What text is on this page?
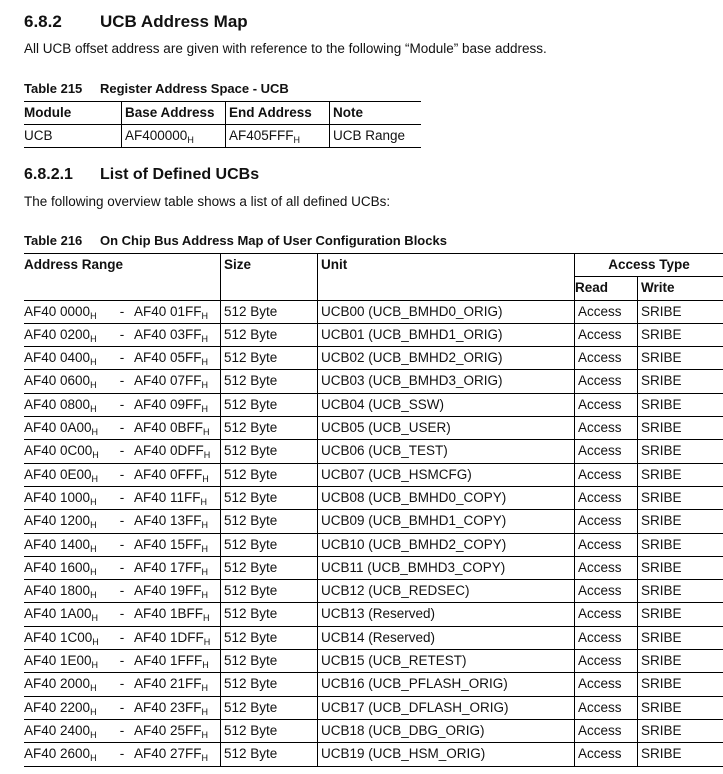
6.8.2 UCB Address Map
All UCB offset address are given with reference to the following “Module” base address.
Table 215 Register Address Space - UCB
Module	Base Address	End Address	Note
UCB	$AF400000_H$	$AF405FFF_H$	UCB Range
6.8.2.1 List of Defined UCBs
The following overview table shows a list of all defined UCBs:
Table 216 On Chip Bus Address Map of User Configuration Blocks
Address Range	Size	Unit	Access Type	
			Read	Write
AF40 $0000_H - AF40$ $01FF_H$	512 Byte	UCB00 (UCB_BMHD0_ORIG)	Access	SRIBE
AF40 $0200_H - AF40$ $03FF_H$	512 Byte	UCB01 (UCB_BMHD1_ORIG)	Access	SRIBE
AF40 $0400_H - AF40$ $05FF_H$	512 Byte	UCB02 (UCB_BMHD2_ORIG)	Access	SRIBE
AF40 $0600_H - AF40$ $07FF_H$	512 Byte	UCB03 (UCB_BMHD3_ORIG)	Access	SRIBE
AF40 $0800_H - AF40$ $09FF_H$	512 Byte	UCB04 (UCB_SSW)	Access	SRIBE
AF40 $0A00_H - AF40$ $0BFF_H$	512 Byte	UCB05 (UCB_USER)	Access	SRIBE
AF40 $0C00_H - AF40$ $0DFF_H$	512 Byte	UCB06 (UCB_TEST)	Access	SRIBE
AF40 $0E00_H - AF40$ $0FFF_H$	512 Byte	UCB07 (UCB_HSMCFG)	Access	SRIBE
AF40 $1000_H - AF40$ $11FF_H$	512 Byte	UCB08 (UCB_BMHD0_COPY)	Access	SRIBE
AF40 $1200_H - AF40$ $13FF_H$	512 Byte	UCB09 (UCB_BMHD1_COPY)	Access	SRIBE
AF40 $1400_H - AF40$ $15FF_H$	512 Byte	UCB10 (UCB_BMHD2_COPY)	Access	SRIBE
AF40 $1600_H - AF40$ $17FF_H$	512 Byte	UCB11 (UCB_BMHD3_COPY)	Access	SRIBE
AF40 $1800_H - AF40$ $19FF_H$	512 Byte	UCB12 (UCB_REDSEC)	Access	SRIBE
AF40 $1A00_H - AF40$ $1BFF_H$	512 Byte	UCB13 (Reserved)	Access	SRIBE
AF40 $1C00_H - AF40$ $1DFF_H$	512 Byte	UCB14 (Reserved)	Access	SRIBE
AF40 $1E00_H - AF40$ $1FFF_H$	512 Byte	UCB15 (UCB_RETEST)	Access	SRIBE
AF40 $2000_H - AF40$ $21FF_H$	512 Byte	UCB16 (UCB_PFLASH_ORIG)	Access	SRIBE
AF40 $2200_H - AF40$ $23FF_H$	512 Byte	UCB17 (UCB_DFLASH_ORIG)	Access	SRIBE
AF40 $2400_H - AF40$ $25FF_H$	512 Byte	UCB18 (UCB_DBG_ORIG)	Access	SRIBE
AF40 $2600_H - AF40$ $27FF_H$	512 Byte	UCB19 (UCB_HSM_ORIG)	Access	SRIBE
